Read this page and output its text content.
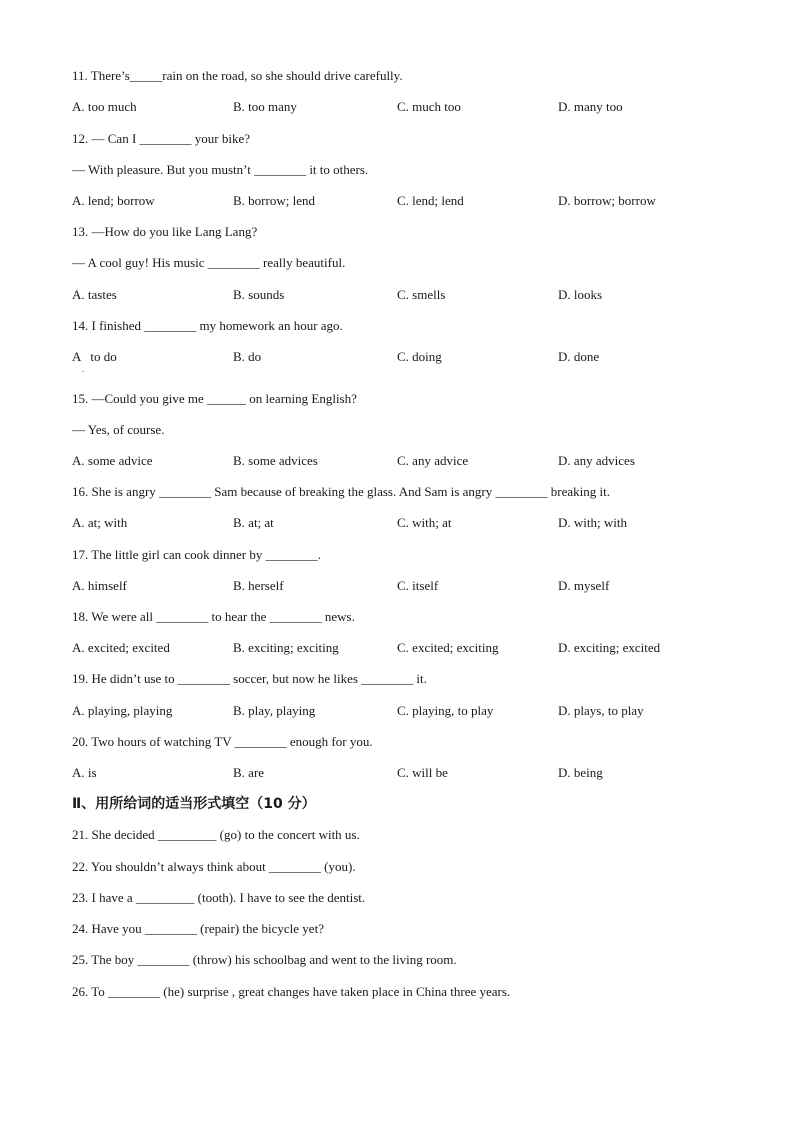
11. There’s_____rain on the road, so she should drive carefully.
A. too much	B. too many	C. much too	D. many too
12. — Can I ________ your bike?
— With pleasure. But you mustn’t ________ it to others.
A. lend; borrow	B. borrow; lend	C. lend; lend	D. borrow; borrow
13. —How do you like Lang Lang?
— A cool guy! His music ________ really beautiful.
A. tastes	B. sounds	C. smells	D. looks
14. I finished ________ my homework an hour ago.
A   to do	B. do	C. doing	D. done
.
15. —Could you give me ______ on learning English?
— Yes, of course.
A. some advice	B. some advices	C. any advice	D. any advices
16. She is angry ________ Sam because of breaking the glass. And Sam is angry ________ breaking it.
A. at; with	B. at; at	C. with; at	D. with; with
17. The little girl can cook dinner by ________.
A. himself	B. herself	C. itself	D. myself
18. We were all ________ to hear the ________ news.
A. excited; excited	B. exciting; exciting	C. excited; exciting	D. exciting; excited
19. He didn’t use to ________ soccer, but now he likes ________ it.
A. playing, playing	B. play, playing	C. playing, to play	D. plays, to play
20. Two hours of watching TV ________ enough for you.
A. is	B. are	C. will be	D. being
Ⅱ、用所给词的适当形式填空（10 分）
21. She decided _________ (go) to the concert with us.
22. You shouldn’t always think about ________ (you).
23. I have a _________ (tooth). I have to see the dentist.
24. Have you ________ (repair) the bicycle yet?
25. The boy ________ (throw) his schoolbag and went to the living room.
26. To ________ (he) surprise , great changes have taken place in China three years.
